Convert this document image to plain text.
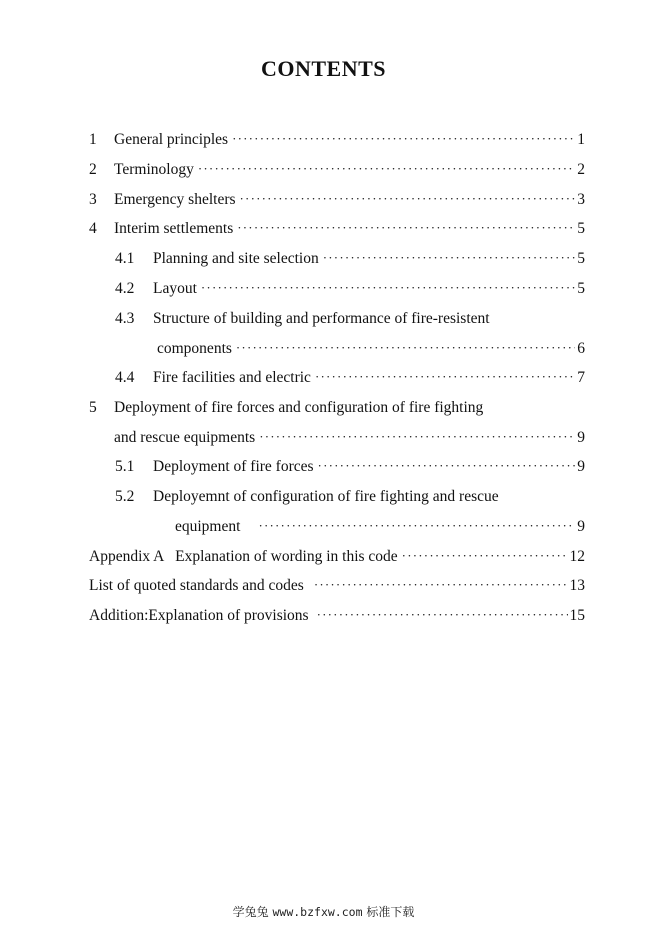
CONTENTS
1	General principles ·····	1
2	Terminology ·····	2
3	Emergency shelters ·····	3
4	Interim settlements ·····	5
4.1	Planning and site selection ·····	5
4.2	Layout ·····	5
4.3	Structure of building and performance of fire-resistent
components ·····	6
4.4	Fire facilities and electric ·····	7
5	Deployment of fire forces and configuration of fire fighting
and rescue equipments ·····	9
5.1	Deployment of fire forces ·····	9
5.2	Deployemnt of configuration of fire fighting and rescue
equipment ·····	9
Appendix A   Explanation of wording in this code ·····	12
List of quoted standards and codes ·····	13
Addition:Explanation of provisions ·····	15
学兔兔 www.bzfxw.com 标准下载
